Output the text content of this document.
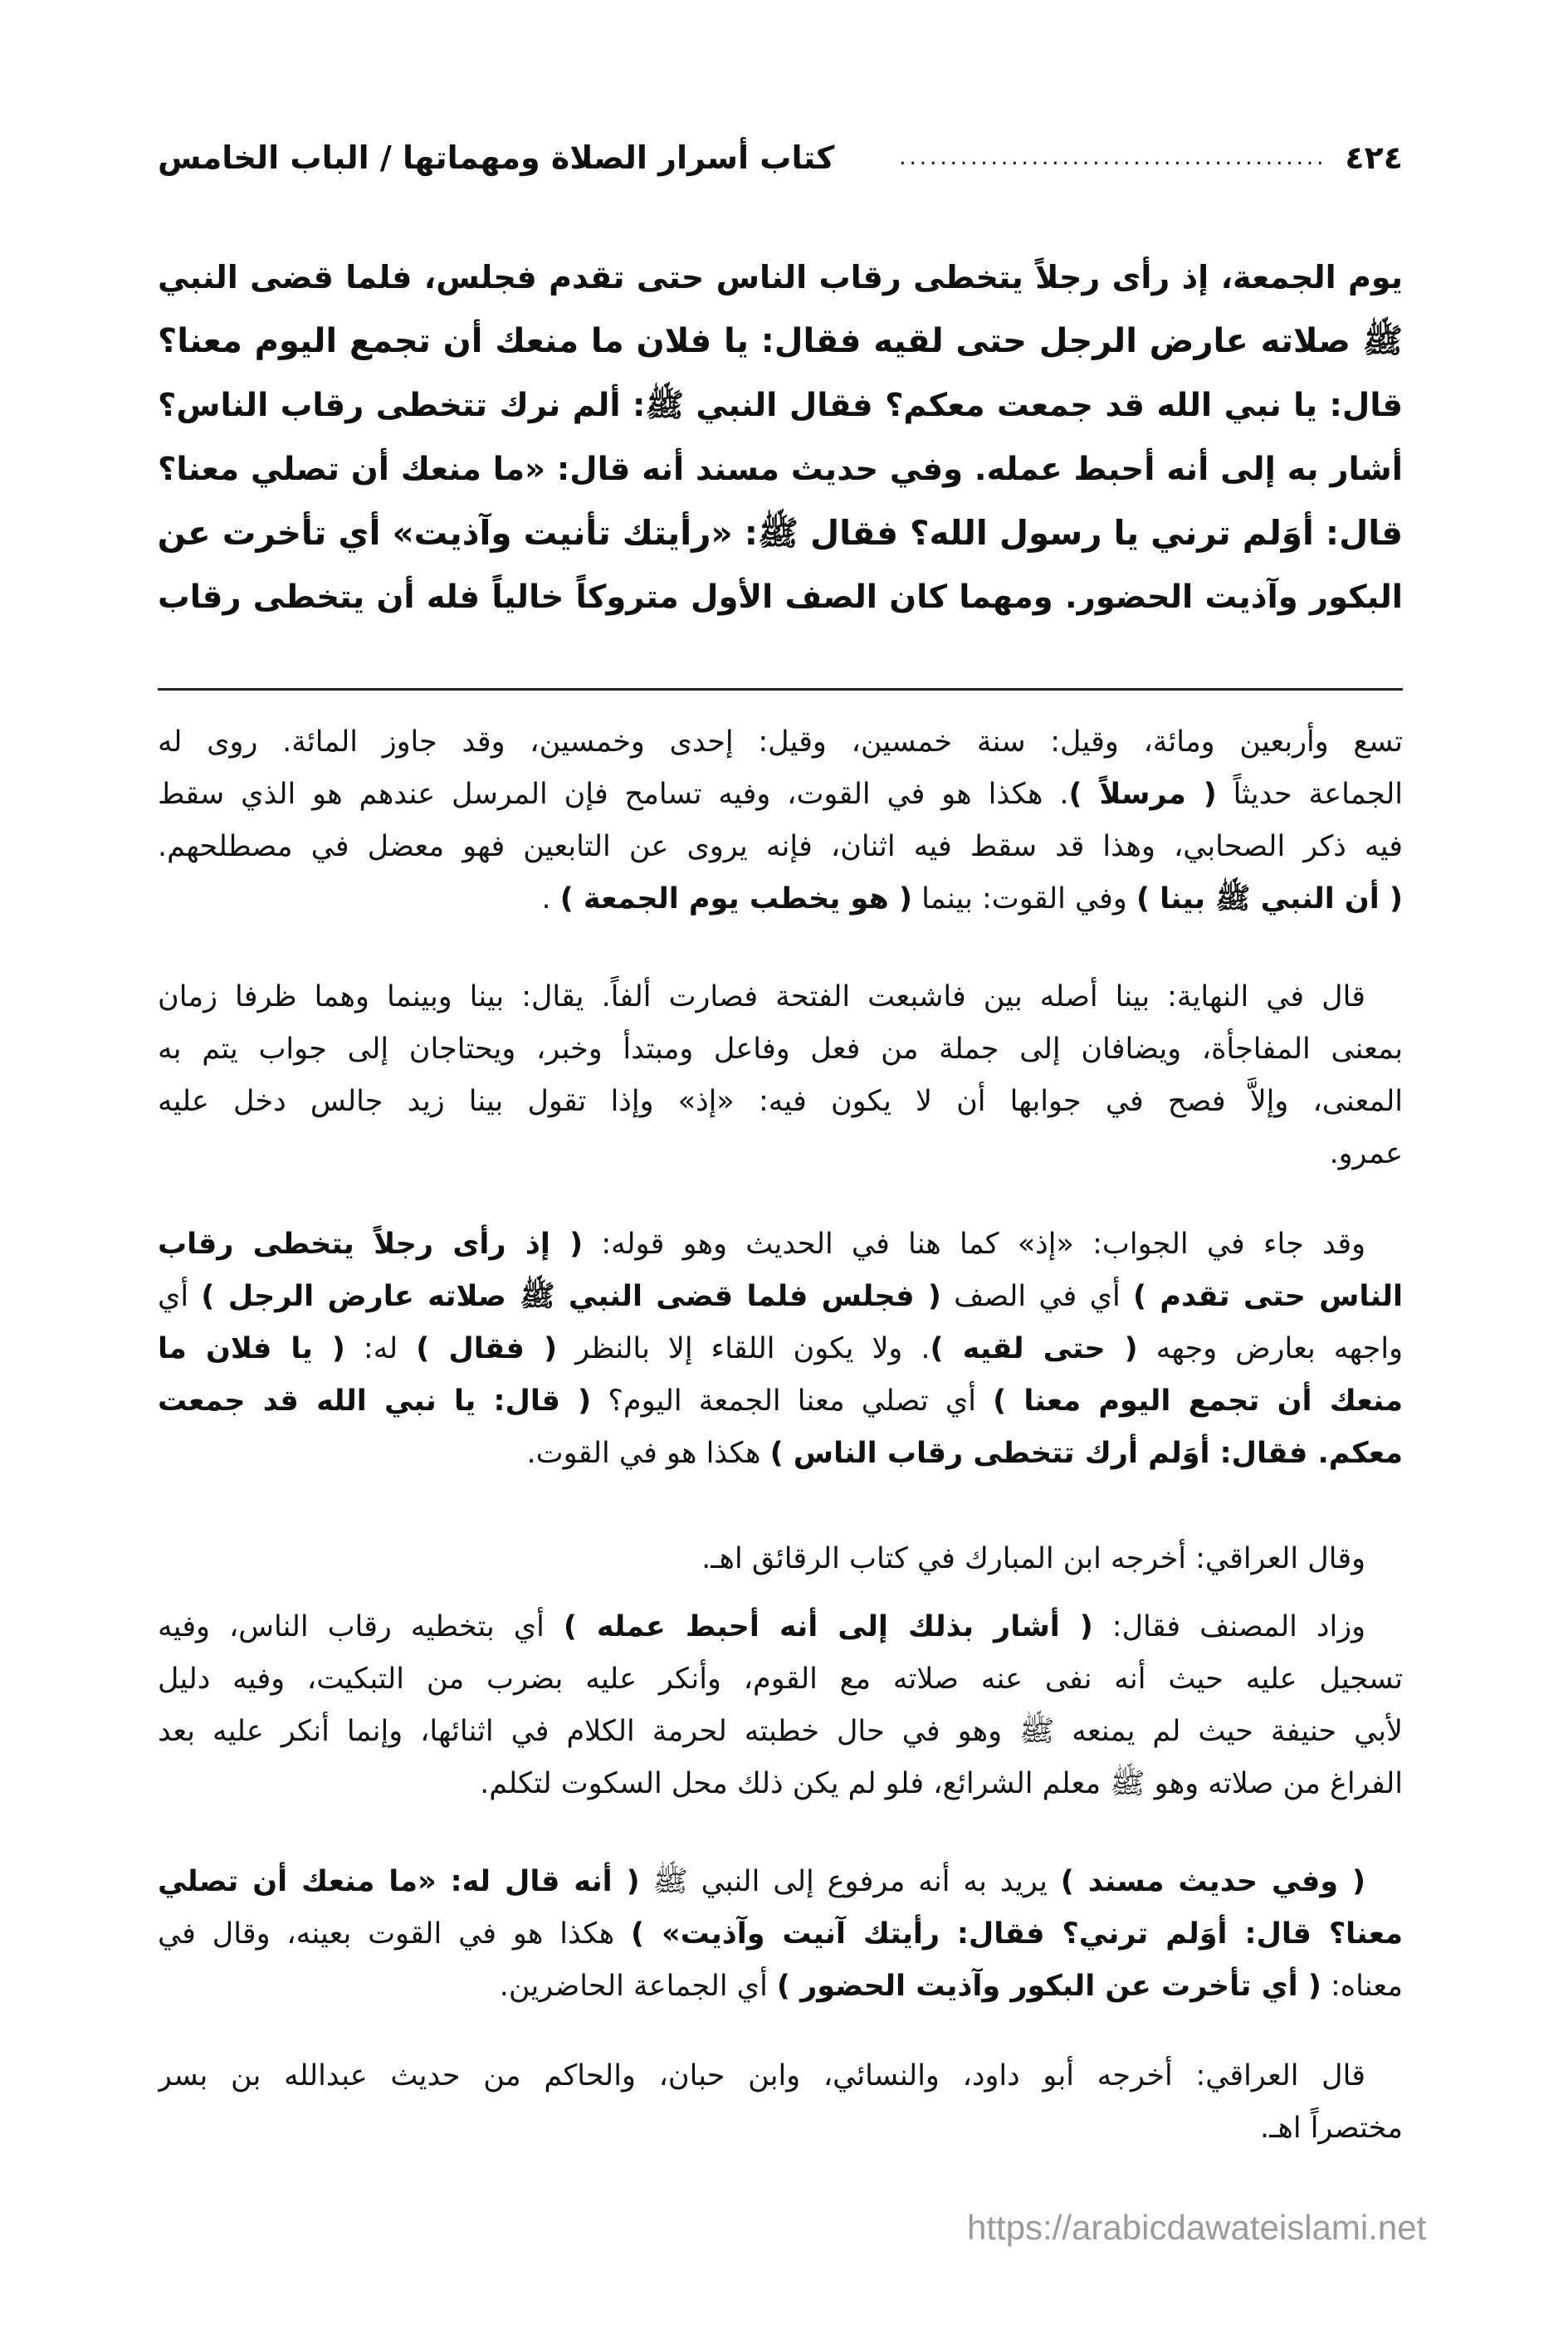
٤٢٤
..........................................
كتاب أسرار الصلاة ومهماتها / الباب الخامس
يوم الجمعة، إذ رأى رجلاً يتخطى رقاب الناس حتى تقدم فجلس، فلما قضى النبي
ﷺ صلاته عارض الرجل حتى لقيه فقال: يا فلان ما منعك أن تجمع اليوم معنا؟
قال: يا نبي الله قد جمعت معكم؟ فقال النبي ﷺ: ألم نرك تتخطى رقاب الناس؟
أشار به إلى أنه أحبط عمله. وفي حديث مسند أنه قال: «ما منعك أن تصلي معنا؟
قال: أوَلم ترني يا رسول الله؟ فقال ﷺ: «رأيتك تأنيت وآذيت» أي تأخرت عن
البكور وآذيت الحضور. ومهما كان الصف الأول متروكاً خالياً فله أن يتخطى رقاب
تسع وأربعين ومائة، وقيل: سنة خمسين، وقيل: إحدى وخمسين، وقد جاوز المائة. روى له
الجماعة حديثاً ( مرسلاً ). هكذا هو في القوت، وفيه تسامح فإن المرسل عندهم هو الذي سقط
فيه ذكر الصحابي، وهذا قد سقط فيه اثنان، فإنه يروى عن التابعين فهو معضل في مصطلحهم.
( أن النبي ﷺ بينا ) وفي القوت: بينما ( هو يخطب يوم الجمعة ) .
قال في النهاية: بينا أصله بين فاشبعت الفتحة فصارت ألفاً. يقال: بينا وبينما وهما ظرفا زمان
بمعنى المفاجأة، ويضافان إلى جملة من فعل وفاعل ومبتدأ وخبر، ويحتاجان إلى جواب يتم به
المعنى، وإلاَّ فصح في جوابها أن لا يكون فيه: «إذ» وإذا تقول بينا زيد جالس دخل عليه
عمرو.
وقد جاء في الجواب: «إذ» كما هنا في الحديث وهو قوله: ( إذ رأى رجلاً يتخطى رقاب
الناس حتى تقدم ) أي في الصف ( فجلس فلما قضى النبي ﷺ صلاته عارض الرجل ) أي
واجهه بعارض وجهه ( حتى لقيه ). ولا يكون اللقاء إلا بالنظر ( فقال ) له: ( يا فلان ما
منعك أن تجمع اليوم معنا ) أي تصلي معنا الجمعة اليوم؟ ( قال: يا نبي الله قد جمعت
معكم. فقال: أوَلم أرك تتخطى رقاب الناس ) هكذا هو في القوت.
وقال العراقي: أخرجه ابن المبارك في كتاب الرقائق اهـ.
وزاد المصنف فقال: ( أشار بذلك إلى أنه أحبط عمله ) أي بتخطيه رقاب الناس، وفيه
تسجيل عليه حيث أنه نفى عنه صلاته مع القوم، وأنكر عليه بضرب من التبكيت، وفيه دليل
لأبي حنيفة حيث لم يمنعه ﷺ وهو في حال خطبته لحرمة الكلام في اثنائها، وإنما أنكر عليه بعد
الفراغ من صلاته وهو ﷺ معلم الشرائع، فلو لم يكن ذلك محل السكوت لتكلم.
( وفي حديث مسند ) يريد به أنه مرفوع إلى النبي ﷺ ( أنه قال له: «ما منعك أن تصلي
معنا؟ قال: أوَلم ترني؟ فقال: رأيتك آنيت وآذيت» ) هكذا هو في القوت بعينه، وقال في
معناه: ( أي تأخرت عن البكور وآذيت الحضور ) أي الجماعة الحاضرين.
قال العراقي: أخرجه أبو داود، والنسائي، وابن حبان، والحاكم من حديث عبدالله بن بسر
مختصراً اهـ.
https://arabicdawateislami.net
